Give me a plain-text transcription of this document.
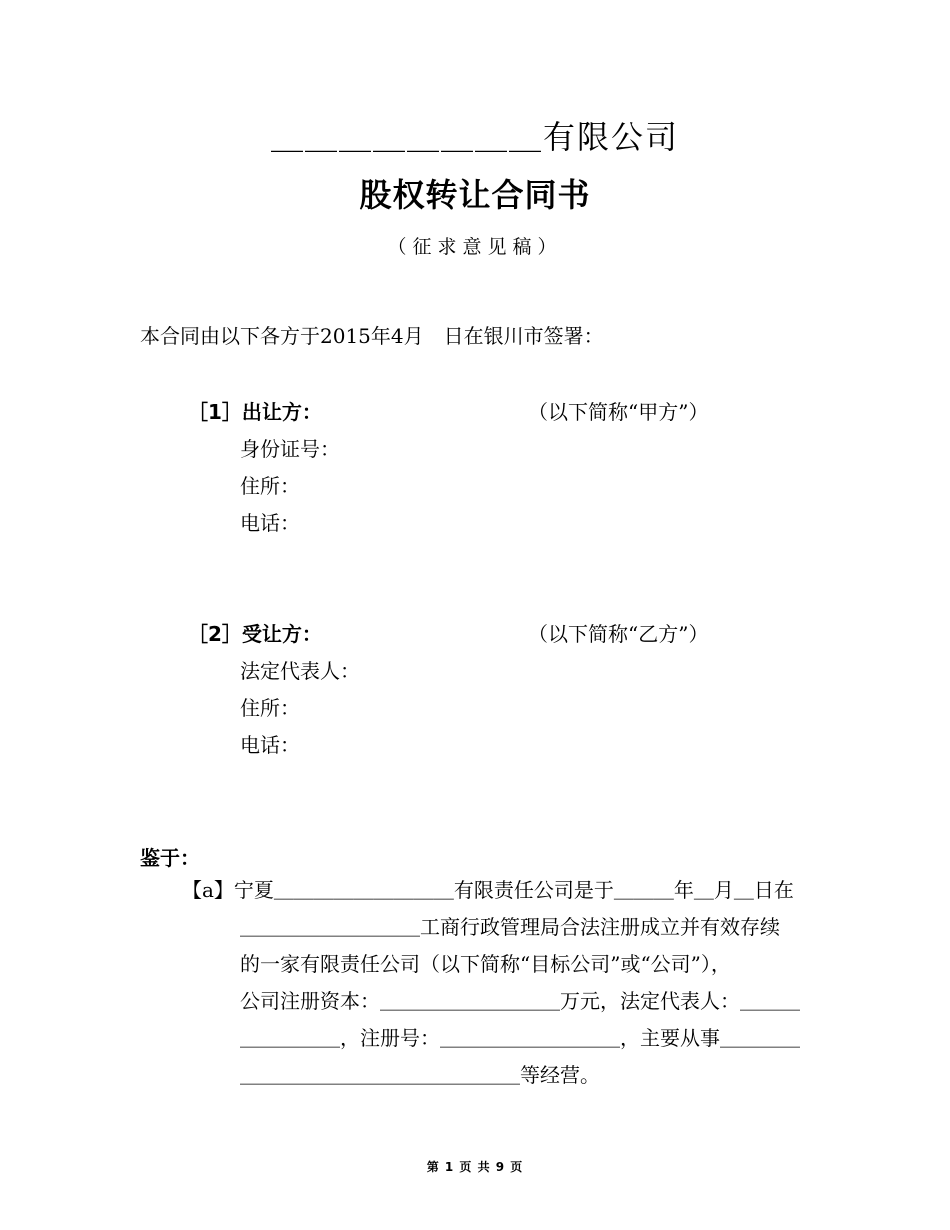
＿＿＿＿＿＿＿＿有限公司
股权转让合同书
（征求意见稿）
本合同由以下各方于2015年4月　日在银川市签署：
［1］出让方：	（以下简称“甲方”）
身份证号：
住所：
电话：
［2］受让方：	（以下简称“乙方”）
法定代表人：
住所：
电话：
鉴于：
【a】宁夏＿＿＿＿＿＿＿＿＿有限责任公司是于＿＿＿年＿月＿日在
＿＿＿＿＿＿＿＿＿工商行政管理局合法注册成立并有效存续
的一家有限责任公司（以下简称“目标公司”或“公司”），
公司注册资本：＿＿＿＿＿＿＿＿＿万元，法定代表人：＿＿＿
＿＿＿＿＿，注册号：＿＿＿＿＿＿＿＿＿，主要从事＿＿＿＿
＿＿＿＿＿＿＿＿＿＿＿＿＿＿等经营。
第 1 页 共 9 页
